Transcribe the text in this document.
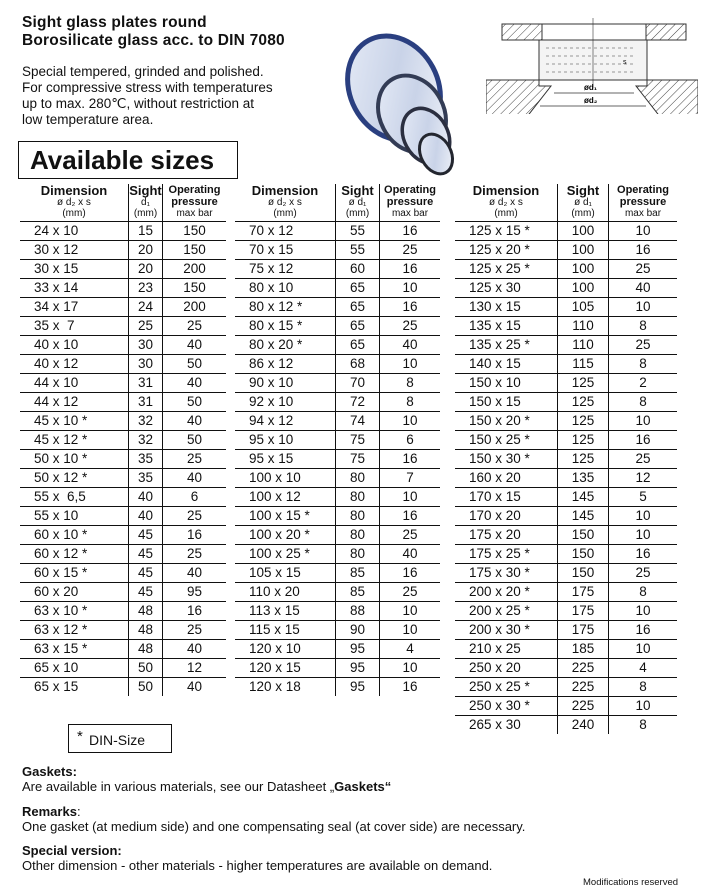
Sight glass plates round
Borosilicate glass acc. to DIN 7080
Special tempered, grinded and polished.
For compressive stress with temperatures
up to max. 280℃, without restriction at
low temperature area.
s
ød₁
ød₂
Available sizes
Dimension
ø d₂ x s
(mm)	Sight
d₁
(mm)	Operating
pressure
max bar

24 x 10	15	150
30 x 12	20	150
30 x 15	20	200
33 x 14	23	150
34 x 17	24	200
35 x  7	25	25
40 x 10	30	40
40 x 12	30	50
44 x 10	31	40
44 x 12	31	50
45 x 10 *	32	40
45 x 12 *	32	50
50 x 10 *	35	25
50 x 12 *	35	40
55 x  6,5	40	6
55 x 10	40	25
60 x 10 *	45	16
60 x 12 *	45	25
60 x 15 *	45	40
60 x 20	45	95
63 x 10 *	48	16
63 x 12 *	48	25
63 x 15 *	48	40
65 x 10	50	12
65 x 15	50	40
Dimension
ø d₂ x s
(mm)	Sight
ø d₁
(mm)	Operating
pressure
max bar

70 x 12	55	16
70 x 15	55	25
75 x 12	60	16
80 x 10	65	10
80 x 12 *	65	16
80 x 15 *	65	25
80 x 20 *	65	40
86 x 12	68	10
90 x 10	70	8
92 x 10	72	8
94 x 12	74	10
95 x 10	75	6
95 x 15	75	16
100 x 10	80	7
100 x 12	80	10
100 x 15 *	80	16
100 x 20 *	80	25
100 x 25 *	80	40
105 x 15	85	16
110 x 20	85	25
113 x 15	88	10
115 x 15	90	10
120 x 10	95	4
120 x 15	95	10
120 x 18	95	16
Dimension
ø d₂ x s
(mm)	Sight
ø d₁
(mm)	Operating
pressure
max bar

125 x 15 *	100	10
125 x 20 *	100	16
125 x 25 *	100	25
125 x 30	100	40
130 x 15	105	10
135 x 15	110	8
135 x 25 *	110	25
140 x 15	115	8
150 x 10	125	2
150 x 15	125	8
150 x 20 *	125	10
150 x 25 *	125	16
150 x 30 *	125	25
160 x 20	135	12
170 x 15	145	5
170 x 20	145	10
175 x 20	150	10
175 x 25 *	150	16
175 x 30 *	150	25
200 x 20 *	175	8
200 x 25 *	175	10
200 x 30 *	175	16
210 x 25	185	10
250 x 20	225	4
250 x 25 *	225	8
250 x 30 *	225	10
265 x 30	240	8
* DIN-Size
Gaskets:
Are available in various materials, see our Datasheet „Gaskets“
Remarks:
One gasket (at medium side) and one compensating seal (at cover side) are necessary.
Special version:
Other dimension - other materials - higher temperatures are available on demand.
Modifications reserved
